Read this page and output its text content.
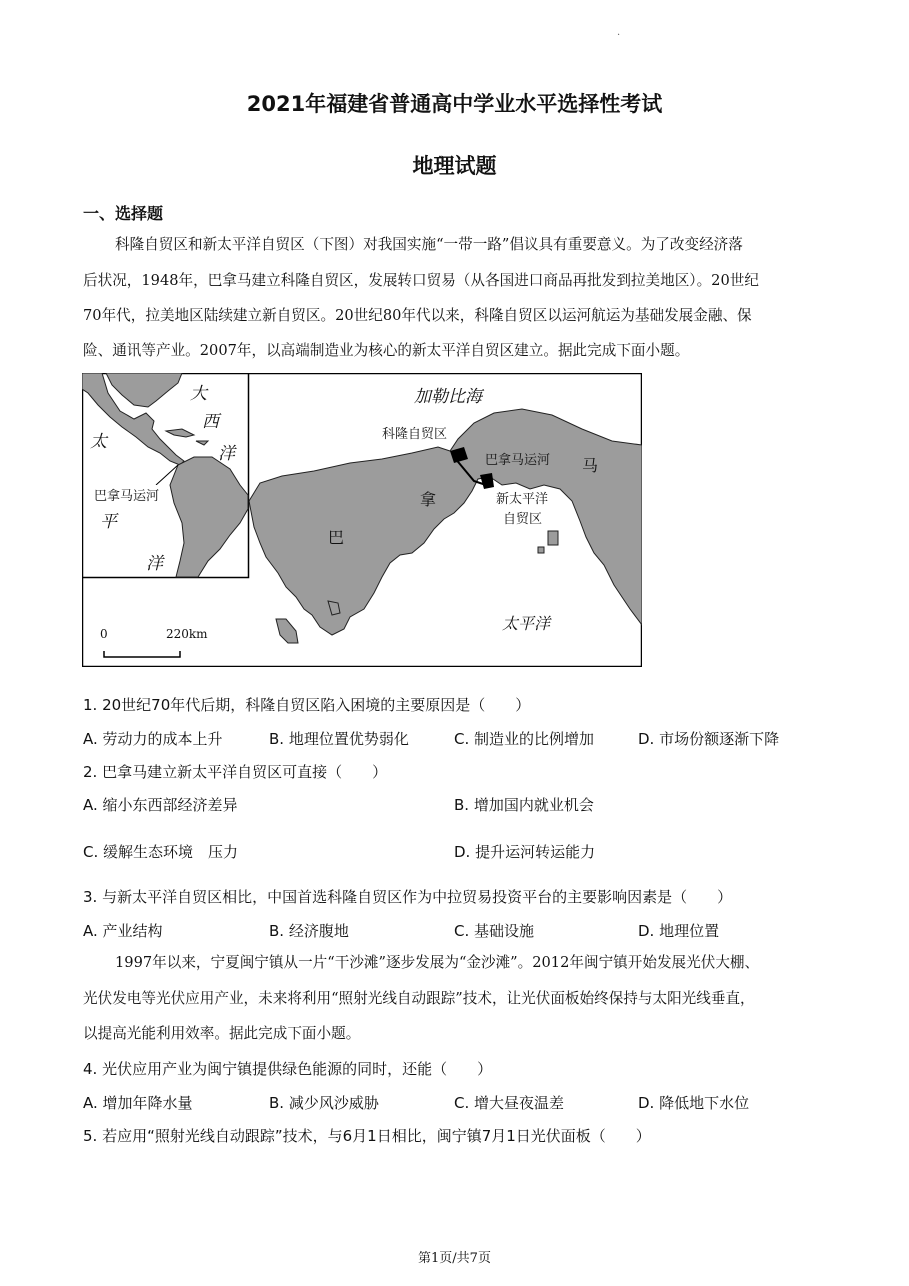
·
2021年福建省普通高中学业水平选择性考试
地理试题
一、选择题
科隆自贸区和新太平洋自贸区（下图）对我国实施“一带一路”倡议具有重要意义。为了改变经济落
后状况，1948年，巴拿马建立科隆自贸区，发展转口贸易（从各国进口商品再批发到拉美地区）。20世纪
70年代，拉美地区陆续建立新自贸区。20世纪80年代以来，科隆自贸区以运河航运为基础发展金融、保
险、通讯等产业。2007年，以高端制造业为核心的新太平洋自贸区建立。据此完成下面小题。
大
西
洋
太
平
洋
巴拿马运河
加勒比海
科隆自贸区
巴拿马运河
巴
拿
马
新太平洋
自贸区
太平洋
0	220km
1. 20世纪70年代后期，科隆自贸区陷入困境的主要原因是（　　）
A. 劳动力的成本上升	B. 地理位置优势弱化	C. 制造业的比例增加	D. 市场份额逐渐下降
2. 巴拿马建立新太平洋自贸区可直接（　　）
A. 缩小东西部经济差异	B. 增加国内就业机会
C. 缓解生态环境　压力	D. 提升运河转运能力
3. 与新太平洋自贸区相比，中国首选科隆自贸区作为中拉贸易投资平台的主要影响因素是（　　）
A. 产业结构	B. 经济腹地	C. 基础设施	D. 地理位置
1997年以来，宁夏闽宁镇从一片“干沙滩”逐步发展为“金沙滩”。2012年闽宁镇开始发展光伏大棚、
光伏发电等光伏应用产业，未来将利用“照射光线自动跟踪”技术，让光伏面板始终保持与太阳光线垂直，
以提高光能利用效率。据此完成下面小题。
4. 光伏应用产业为闽宁镇提供绿色能源的同时，还能（　　）
A. 增加年降水量	B. 减少风沙威胁	C. 增大昼夜温差	D. 降低地下水位
5. 若应用“照射光线自动跟踪”技术，与6月1日相比，闽宁镇7月1日光伏面板（　　）
第1页/共7页
